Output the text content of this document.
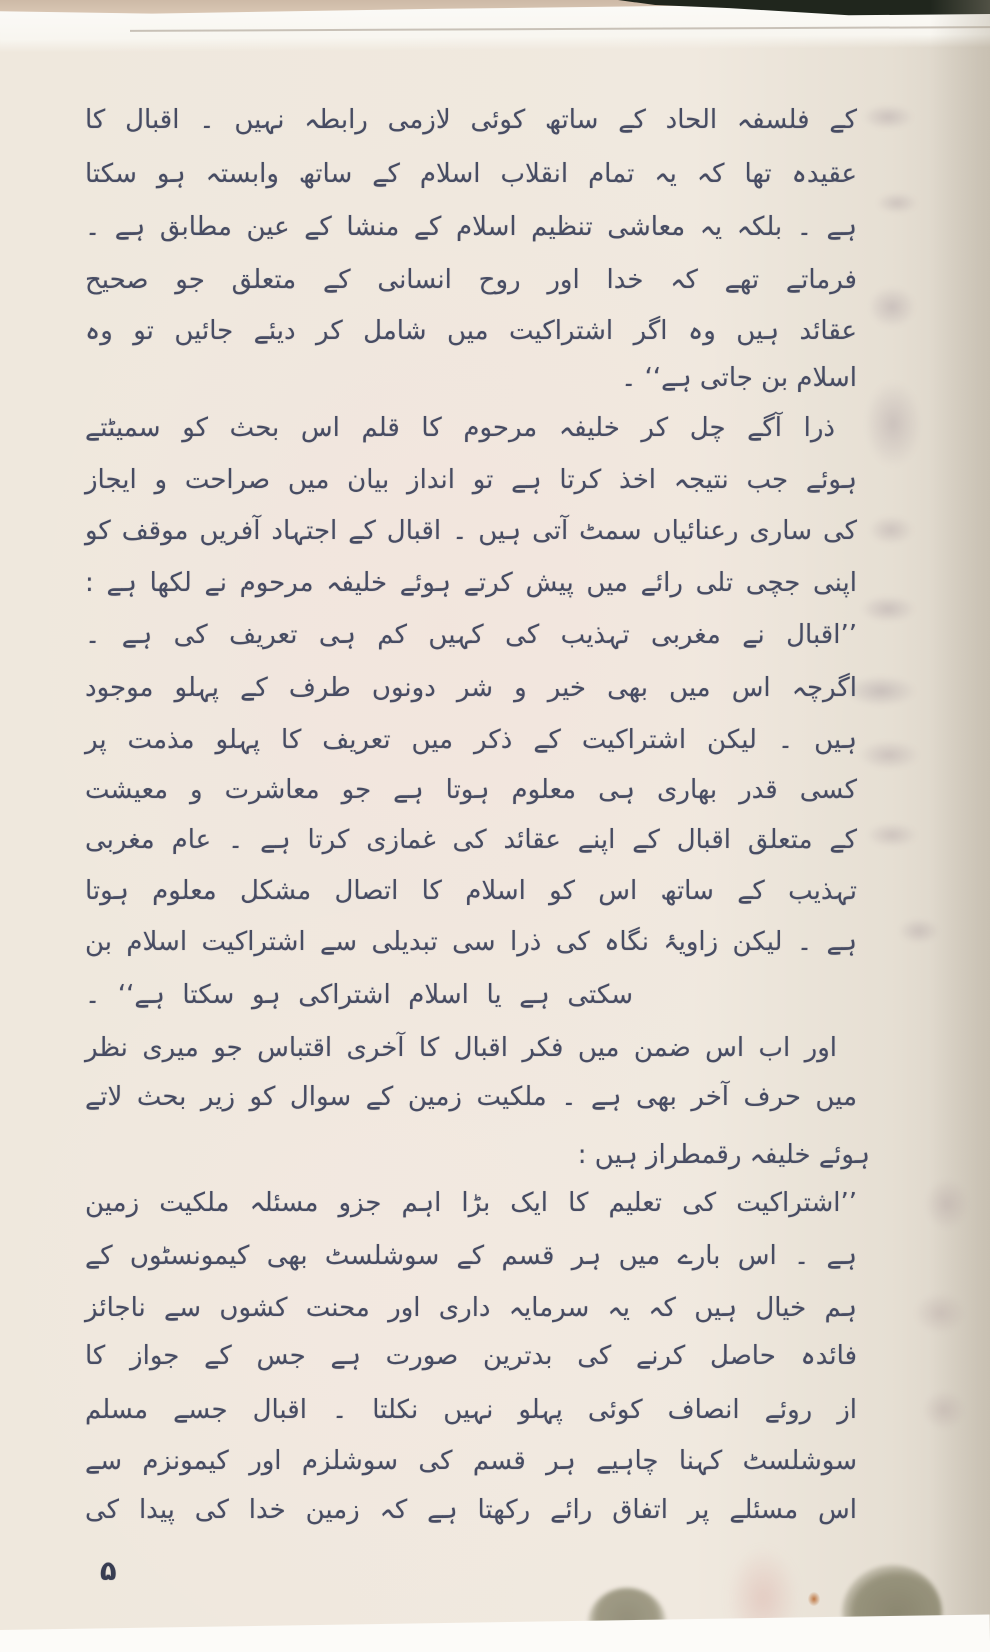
کے فلسفہ الحاد کے ساتھ کوئی لازمی رابطہ نہیں ۔ اقبال کا
عقیدہ تھا کہ یہ تمام انقلاب اسلام کے ساتھ وابستہ ہو سکتا
ہے ۔ بلکہ یہ معاشی تنظیم اسلام کے منشا کے عین مطابق ہے ۔
فرماتے تھے کہ خدا اور روح انسانی کے متعلق جو صحیح
عقائد ہیں وہ اگر اشتراکیت میں شامل کر دیئے جائیں تو وہ
اسلام بن جاتی ہے‘‘ ۔
ذرا آگے چل کر خلیفہ مرحوم کا قلم اس بحث کو سمیٹتے
ہوئے جب نتیجہ اخذ کرتا ہے تو انداز بیان میں صراحت و ایجاز
کی ساری رعنائیاں سمٹ آتی ہیں ۔ اقبال کے اجتہاد آفریں موقف کو
اپنی جچی تلی رائے میں پیش کرتے ہوئے خلیفہ مرحوم نے لکھا ہے :
’’اقبال نے مغربی تہذیب کی کہیں کم ہی تعریف کی ہے ۔
اگرچہ اس میں بھی خیر و شر دونوں طرف کے پہلو موجود
ہیں ۔ لیکن اشتراکیت کے ذکر میں تعریف کا پہلو مذمت پر
کسی قدر بھاری ہی معلوم ہوتا ہے جو معاشرت و معیشت
کے متعلق اقبال کے اپنے عقائد کی غمازی کرتا ہے ۔ عام مغربی
تہذیب کے ساتھ اس کو اسلام کا اتصال مشکل معلوم ہوتا
ہے ۔ لیکن زاویۂ نگاہ کی ذرا سی تبدیلی سے اشتراکیت اسلام بن
سکتی ہے یا اسلام اشتراکی ہو سکتا ہے‘‘ ۔
اور اب اس ضمن میں فکر اقبال کا آخری اقتباس جو میری نظر
میں حرف آخر بھی ہے ۔ ملکیت زمین کے سوال کو زیر بحث لاتے
ہوئے خلیفہ رقمطراز ہیں :
’’اشتراکیت کی تعلیم کا ایک بڑا اہم جزو مسئلہ ملکیت زمین
ہے ۔ اس بارے میں ہر قسم کے سوشلسٹ بھی کیمونسٹوں کے
ہم خیال ہیں کہ یہ سرمایہ داری اور محنت کشوں سے ناجائز
فائدہ حاصل کرنے کی بدترین صورت ہے جس کے جواز کا
از روئے انصاف کوئی پہلو نہیں نکلتا ۔ اقبال جسے مسلم
سوشلسٹ کہنا چاہیے ہر قسم کی سوشلزم اور کیمونزم سے
اس مسئلے پر اتفاق رائے رکھتا ہے کہ زمین خدا کی پیدا کی
۵
